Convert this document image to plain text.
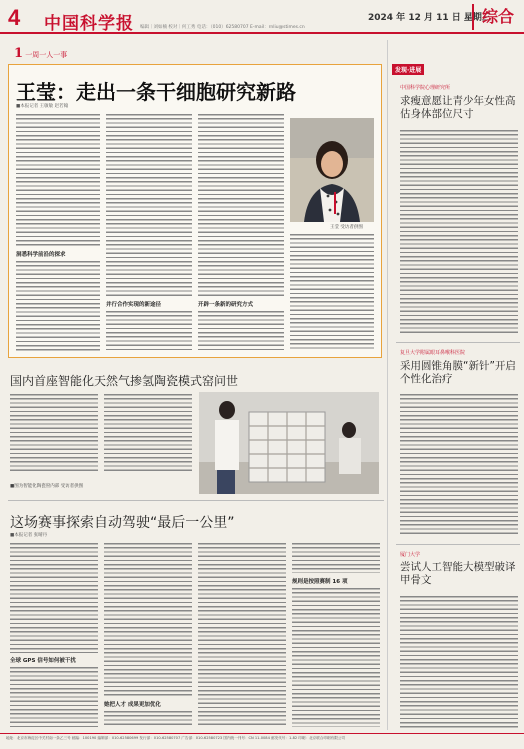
4 中国科学报	2024 年 12 月 11 日 星期三
编辑｜刘如楠 校对｜何工秀 电话：（010）62580707 E-mail：rnliu@stimes.cn
综合
1 一周一人一事
王莹：走出一条干细胞研究新路
■本报记者 王敏敏 赵若翰
洞悉科学前沿的探求
并行合作实现的新途径	开辟一条新的研究方式
王莹 受访者供图
国内首座智能化天然气掺氢陶瓷模式窑问世
■图为智能化陶瓷窑内部 受访者供图
这场赛事探索自动驾驶“最后一公里”
■本报记者 张晴丹
全球 GPS 信号如何被干扰
她把人才 成果更加优化
规则是按照赛制 16 项
发现·进展
中国科学院心理研究所
求瘦意愿让青少年女性高估身体部位尺寸
复旦大学附属眼耳鼻喉科医院
采用圆锥角膜“新针”开启个性化治疗
厦门大学
尝试人工智能大模型破译甲骨文
地址：北京市海淀区中关村南一条乙三号 邮编：100190 编辑部：010-62580699 发行部：010-62580707 广告部：010-62580723 国内统一刊号：CN 11-0084 邮发代号：1-82 印刷：北京联合印刷有限公司
